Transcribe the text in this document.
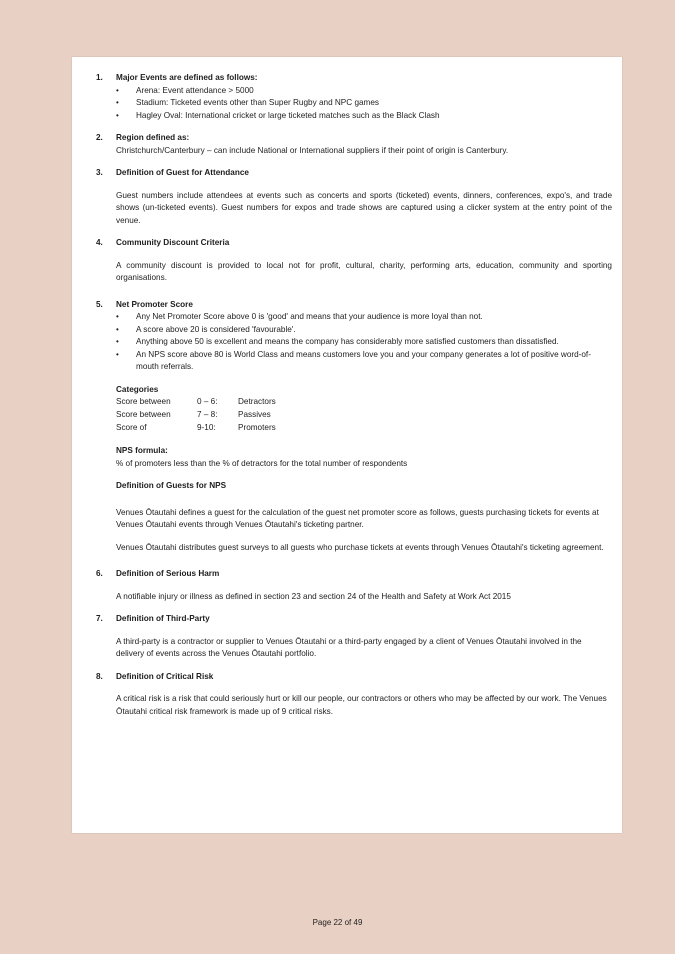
1. Major Events are defined as follows:
• Arena: Event attendance > 5000
• Stadium: Ticketed events other than Super Rugby and NPC games
• Hagley Oval: International cricket or large ticketed matches such as the Black Clash
2. Region defined as:

Christchurch/Canterbury – can include National or International suppliers if their point of origin is Canterbury.

3. Definition of Guest for Attendance

Guest numbers include attendees at events such as concerts and sports (ticketed) events, dinners, conferences, expo's, and trade shows (un-ticketed events). Guest numbers for expos and trade shows are captured using a clicker system at the entry point of the venue.

4. Community Discount Criteria

A community discount is provided to local not for profit, cultural, charity, performing arts, education, community and sporting organisations.

5. Net Promoter Score
• Any Net Promoter Score above 0 is 'good' and means that your audience is more loyal than not.
• A score above 20 is considered 'favourable'.
• Anything above 50 is excellent and means the company has considerably more satisfied customers than dissatisfied.
• An NPS score above 80 is World Class and means customers love you and your company generates a lot of positive word-of-mouth referrals.
Categories
Score between	0 – 6:	Detractors
Score between	7 – 8:	Passives
Score of	9-10:	Promoters
NPS formula:

% of promoters less than the % of detractors for the total number of respondents

Definition of Guests for NPS

Venues Ōtautahi defines a guest for the calculation of the guest net promoter score as follows, guests purchasing tickets for events at Venues Ōtautahi events through Venues Ōtautahi's ticketing partner.

Venues Ōtautahi distributes guest surveys to all guests who purchase tickets at events through Venues Ōtautahi's ticketing agreement.

6. Definition of Serious Harm

A notifiable injury or illness as defined in section 23 and section 24 of the Health and Safety at Work Act 2015

7. Definition of Third-Party

A third-party is a contractor or supplier to Venues Ōtautahi or a third-party engaged by a client of Venues Ōtautahi involved in the delivery of events across the Venues Ōtautahi portfolio.

8. Definition of Critical Risk

A critical risk is a risk that could seriously hurt or kill our people, our contractors or others who may be affected by our work. The Venues Ōtautahi critical risk framework is made up of 9 critical risks.

Page 22 of 49
